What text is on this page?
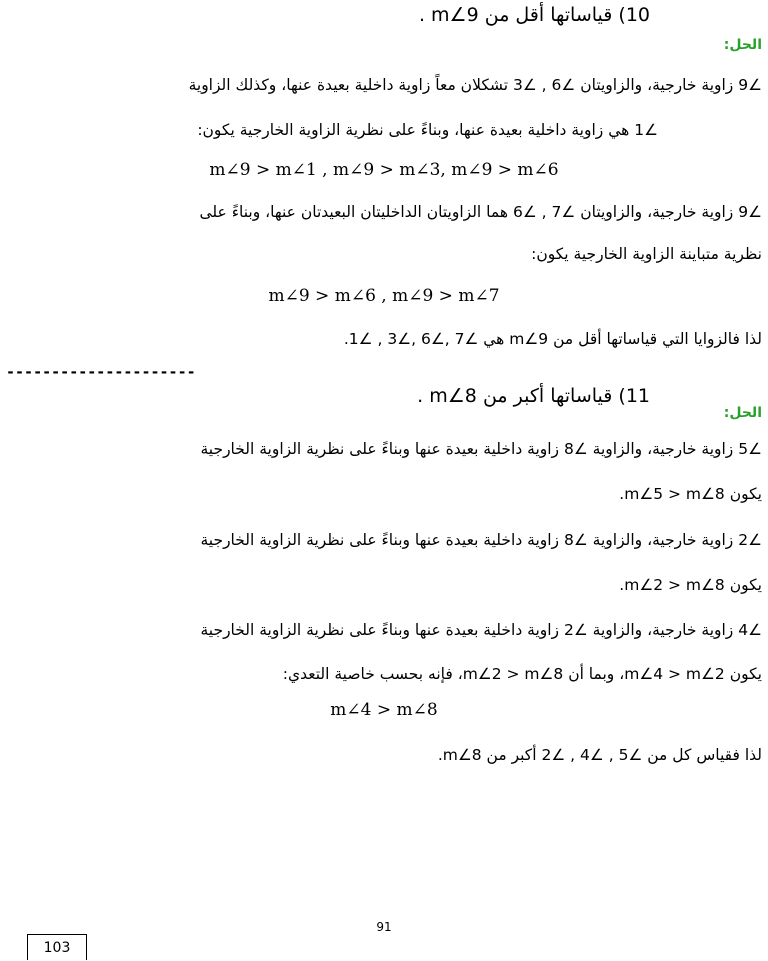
10) قياساتها أقل من m∠9 .
الحل:
∠9 زاوية خارجية، والزاويتان ∠6 , ∠3 تشكلان معاً زاوية داخلية بعيدة عنها، وكذلك الزاوية
∠1 هي زاوية داخلية بعيدة عنها، وبناءً على نظرية الزاوية الخارجية يكون:
m∠9 > m∠1 , m∠9 > m∠3, m∠9 > m∠6
∠9 زاوية خارجية، والزاويتان ∠7 , ∠6 هما الزاويتان الداخليتان البعيدتان عنها، وبناءً على
نظرية متباينة الزاوية الخارجية يكون:
m∠9 > m∠6 , m∠9 > m∠7
لذا فالزوايا التي قياساتها أقل من m∠9 هي ∠7 ,∠6 ,∠3 , ∠1.
---------------------
11) قياساتها أكبر من m∠8 .
الحل:
∠5 زاوية خارجية، والزاوية ∠8 زاوية داخلية بعيدة عنها وبناءً على نظرية الزاوية الخارجية
يكون m∠5 > m∠8.
∠2 زاوية خارجية، والزاوية ∠8 زاوية داخلية بعيدة عنها وبناءً على نظرية الزاوية الخارجية
يكون m∠2 > m∠8.
∠4 زاوية خارجية، والزاوية ∠2 زاوية داخلية بعيدة عنها وبناءً على نظرية الزاوية الخارجية
يكون m∠4 > m∠2، وبما أن m∠2 > m∠8، فإنه بحسب خاصية التعدي:
m∠4 > m∠8
لذا فقياس كل من ∠5 , ∠4 , ∠2 أكبر من m∠8.
91
103
